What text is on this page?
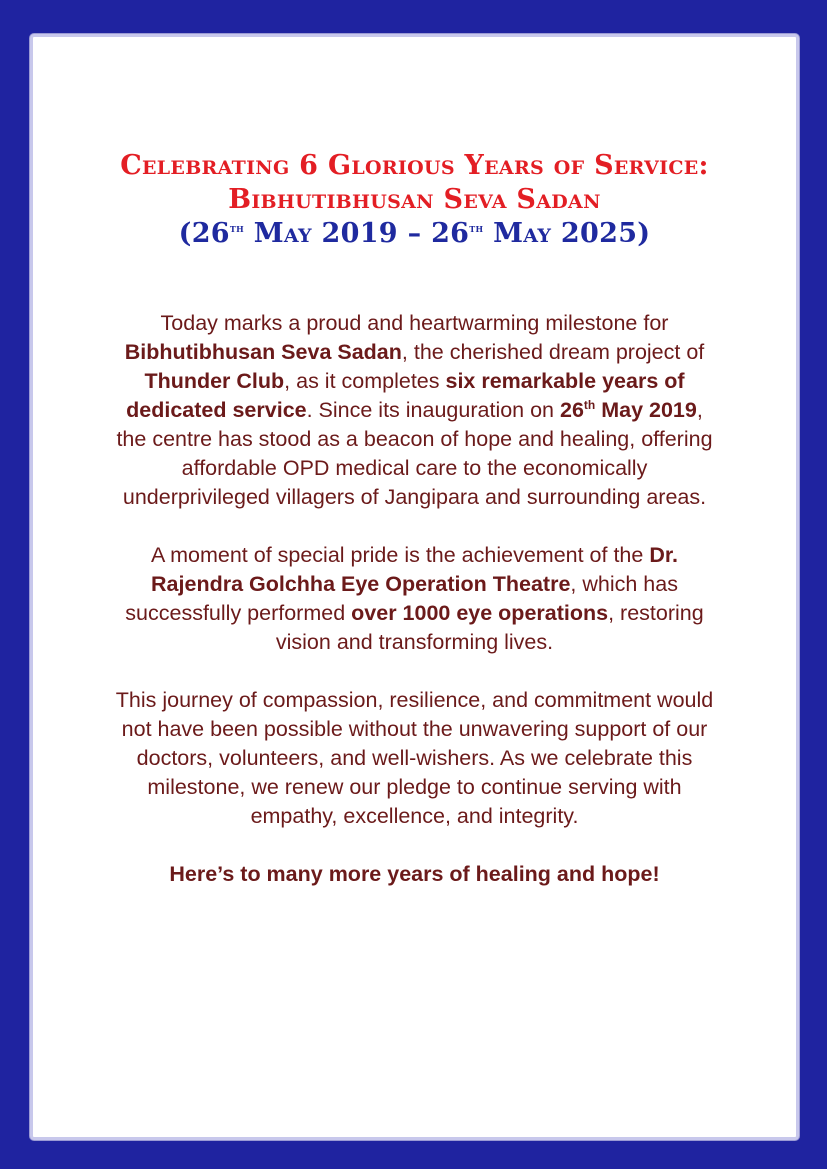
Celebrating 6 Glorious Years of Service:
Bibhutibhusan Seva Sadan
(26th May 2019 – 26th May 2025)

Today marks a proud and heartwarming milestone for Bibhutibhusan Seva Sadan, the cherished dream project of Thunder Club, as it completes six remarkable years of dedicated service. Since its inauguration on 26th May 2019, the centre has stood as a beacon of hope and healing, offering affordable OPD medical care to the economically underprivileged villagers of Jangipara and surrounding areas.

A moment of special pride is the achievement of the Dr. Rajendra Golchha Eye Operation Theatre, which has successfully performed over 1000 eye operations, restoring vision and transforming lives.

This journey of compassion, resilience, and commitment would not have been possible without the unwavering support of our doctors, volunteers, and well-wishers. As we celebrate this milestone, we renew our pledge to continue serving with empathy, excellence, and integrity.

Here’s to many more years of healing and hope!
